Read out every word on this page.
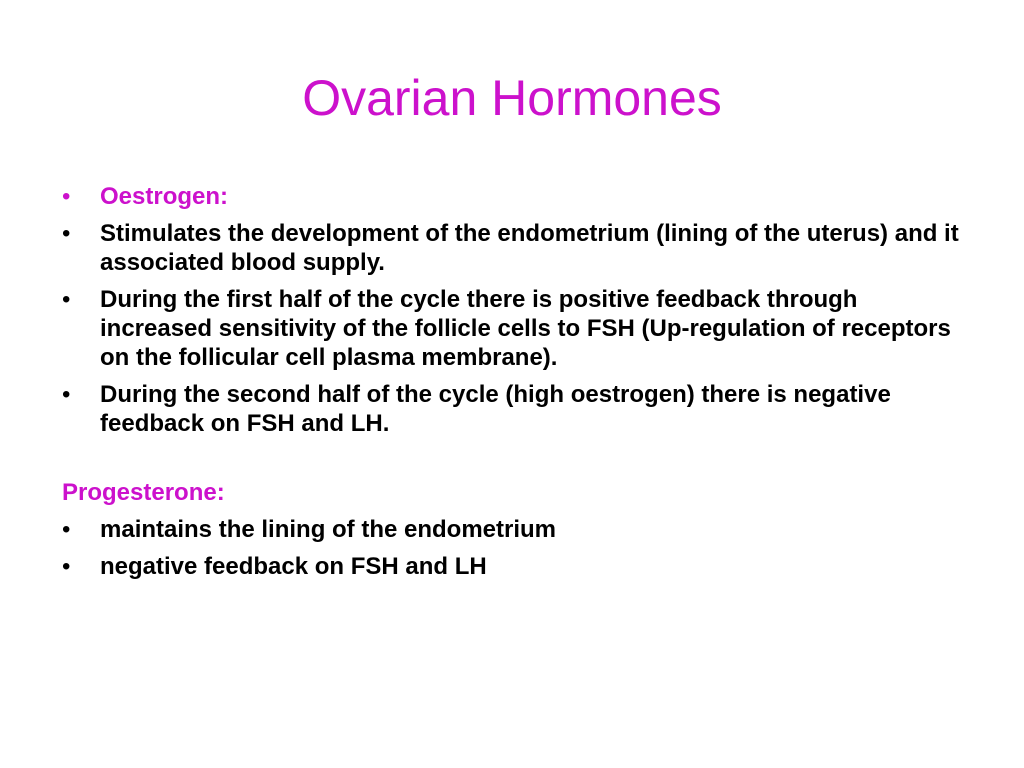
Ovarian Hormones
•	Oestrogen:
•	Stimulates the development of the endometrium (lining of the uterus) and it associated blood supply.
•	During the first half of the cycle there is positive feedback through increased sensitivity of the follicle cells to FSH (Up-regulation of receptors on the follicular cell plasma membrane).
•	During the second half of the cycle (high oestrogen) there is negative feedback on FSH and LH.
Progesterone:
•	maintains the lining of the endometrium
•	negative feedback on FSH and LH
